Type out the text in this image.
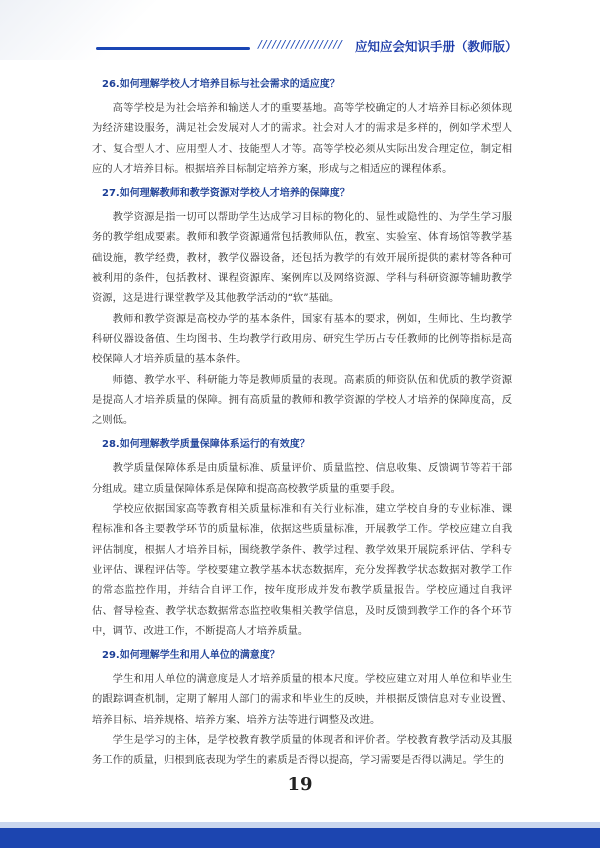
////////////////// 应知应会知识手册（教师版）

26.如何理解学校人才培养目标与社会需求的适应度？

高等学校是为社会培养和输送人才的重要基地。高等学校确定的人才培养目标必须体现为经济建设服务，满足社会发展对人才的需求。社会对人才的需求是多样的，例如学术型人才、复合型人才、应用型人才、技能型人才等。高等学校必须从实际出发合理定位，制定相应的人才培养目标。根据培养目标制定培养方案，形成与之相适应的课程体系。

27.如何理解教师和教学资源对学校人才培养的保障度？

教学资源是指一切可以帮助学生达成学习目标的物化的、显性或隐性的、为学生学习服务的教学组成要素。教师和教学资源通常包括教师队伍，教室、实验室、体育场馆等教学基础设施，教学经费，教材，教学仪器设备，还包括为教学的有效开展所提供的素材等各种可被利用的条件，包括教材、课程资源库、案例库以及网络资源、学科与科研资源等辅助教学资源，这是进行课堂教学及其他教学活动的“软”基础。

教师和教学资源是高校办学的基本条件，国家有基本的要求，例如，生师比、生均教学科研仪器设备值、生均图书、生均教学行政用房、研究生学历占专任教师的比例等指标是高校保障人才培养质量的基本条件。

师德、教学水平、科研能力等是教师质量的表现。高素质的师资队伍和优质的教学资源是提高人才培养质量的保障。拥有高质量的教师和教学资源的学校人才培养的保障度高，反之则低。

28.如何理解教学质量保障体系运行的有效度？

教学质量保障体系是由质量标准、质量评价、质量监控、信息收集、反馈调节等若干部分组成。建立质量保障体系是保障和提高高校教学质量的重要手段。

学校应依据国家高等教育相关质量标准和有关行业标准，建立学校自身的专业标准、课程标准和各主要教学环节的质量标准，依据这些质量标准，开展教学工作。学校应建立自我评估制度，根据人才培养目标，围绕教学条件、教学过程、教学效果开展院系评估、学科专业评估、课程评估等。学校要建立教学基本状态数据库，充分发挥教学状态数据对教学工作的常态监控作用，并结合自评工作，按年度形成并发布教学质量报告。学校应通过自我评估、督导检查、教学状态数据常态监控收集相关教学信息，及时反馈到教学工作的各个环节中，调节、改进工作，不断提高人才培养质量。

29.如何理解学生和用人单位的满意度？

学生和用人单位的满意度是人才培养质量的根本尺度。学校应建立对用人单位和毕业生的跟踪调查机制，定期了解用人部门的需求和毕业生的反映，并根据反馈信息对专业设置、培养目标、培养规格、培养方案、培养方法等进行调整及改进。

学生是学习的主体，是学校教育教学质量的体现者和评价者。学校教育教学活动及其服务工作的质量，归根到底表现为学生的素质是否得以提高，学习需要是否得以满足。学生的

19
